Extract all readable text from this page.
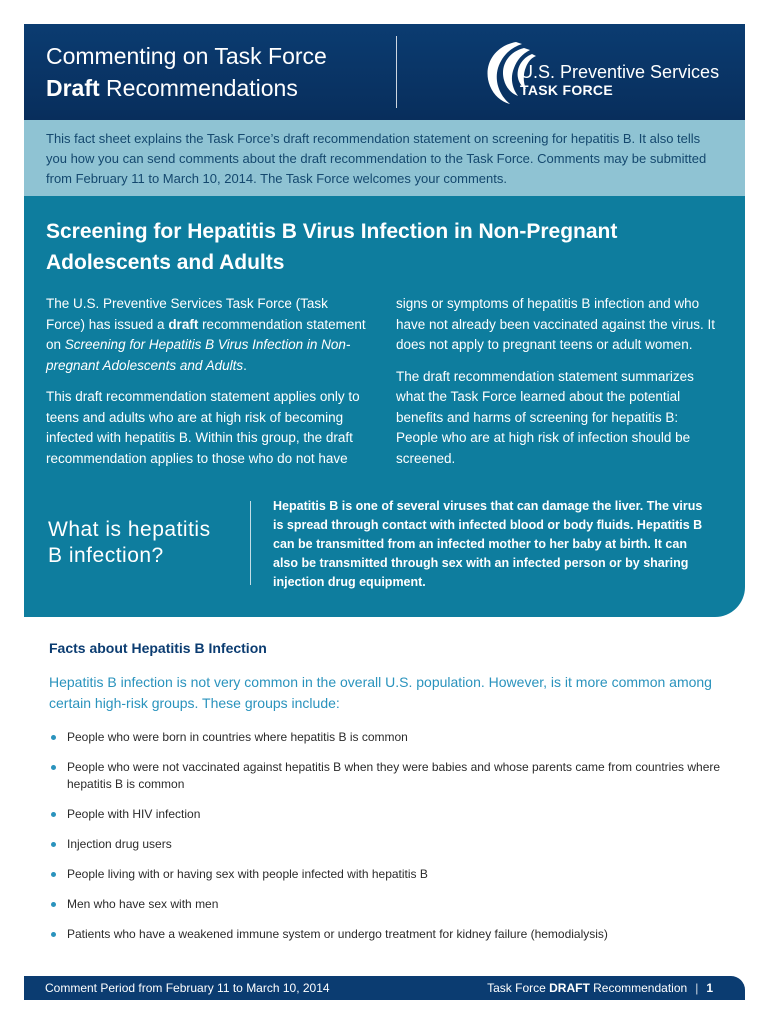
Commenting on Task Force
Draft Recommendations
U.S. Preventive Services
TASK FORCE

This fact sheet explains the Task Force’s draft recommendation statement on screening for hepatitis B. It also tells you how you can send comments about the draft recommendation to the Task Force. Comments may be submitted from February 11 to March 10, 2014. The Task Force welcomes your comments.

Screening for Hepatitis B Virus Infection in Non-Pregnant Adolescents and Adults

The U.S. Preventive Services Task Force (Task Force) has issued a draft recommendation statement on Screening for Hepatitis B Virus Infection in Non-pregnant Adolescents and Adults.

This draft recommendation statement applies only to teens and adults who are at high risk of becoming infected with hepatitis B. Within this group, the draft recommendation applies to those who do not have

signs or symptoms of hepatitis B infection and who have not already been vaccinated against the virus. It does not apply to pregnant teens or adult women.

The draft recommendation statement summarizes what the Task Force learned about the potential benefits and harms of screening for hepatitis B: People who are at high risk of infection should be screened.

What is hepatitis
B infection?
Hepatitis B is one of several viruses that can damage the liver. The virus is spread through contact with infected blood or body fluids. Hepatitis B can be transmitted from an infected mother to her baby at birth. It can also be transmitted through sex with an infected person or by sharing injection drug equipment.
Facts about Hepatitis B Infection
Hepatitis B infection is not very common in the overall U.S. population. However, is it more common among certain high-risk groups. These groups include:
People who were born in countries where hepatitis B is common
People who were not vaccinated against hepatitis B when they were babies and whose parents came from countries where hepatitis B is common
People with HIV infection
Injection drug users
People living with or having sex with people infected with hepatitis B
Men who have sex with men
Patients who have a weakened immune system or undergo treatment for kidney failure (hemodialysis)
Comment Period from February 11 to March 10, 2014	Task Force DRAFT Recommendation | 1
